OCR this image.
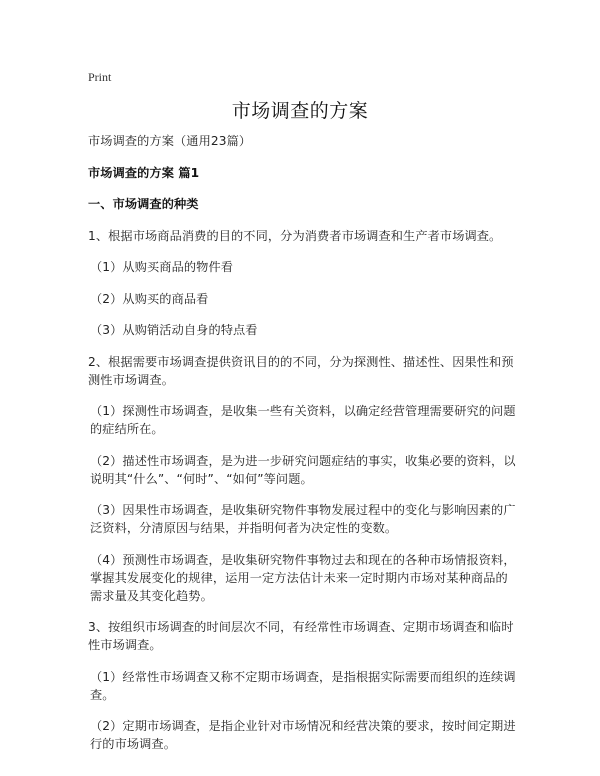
Print
市场调查的方案

市场调查的方案（通用23篇）

市场调查的方案 篇1

一、市场调查的种类

1、根据市场商品消费的目的不同，分为消费者市场调查和生产者市场调查。

（1）从购买商品的物件看

（2）从购买的商品看

（3）从购销活动自身的特点看

2、根据需要市场调查提供资讯目的的不同，分为探测性、描述性、因果性和预测性市场调查。

（1）探测性市场调查，是收集一些有关资料，以确定经营管理需要研究的问题的症结所在。

（2）描述性市场调查，是为进一步研究问题症结的事实，收集必要的资料，以说明其“什么”、“何时”、“如何”等问题。

（3）因果性市场调查，是收集研究物件事物发展过程中的变化与影响因素的广泛资料，分清原因与结果，并指明何者为决定性的变数。

（4）预测性市场调查，是收集研究物件事物过去和现在的各种市场情报资料，掌握其发展变化的规律，运用一定方法估计未来一定时期内市场对某种商品的需求量及其变化趋势。

3、按组织市场调查的时间层次不同，有经常性市场调查、定期市场调查和临时 性市场调查。

（1）经常性市场调查又称不定期市场调查，是指根据实际需要而组织的连续调查。

（2）定期市场调查，是指企业针对市场情况和经营决策的要求，按时间定期进行的市场调查。
